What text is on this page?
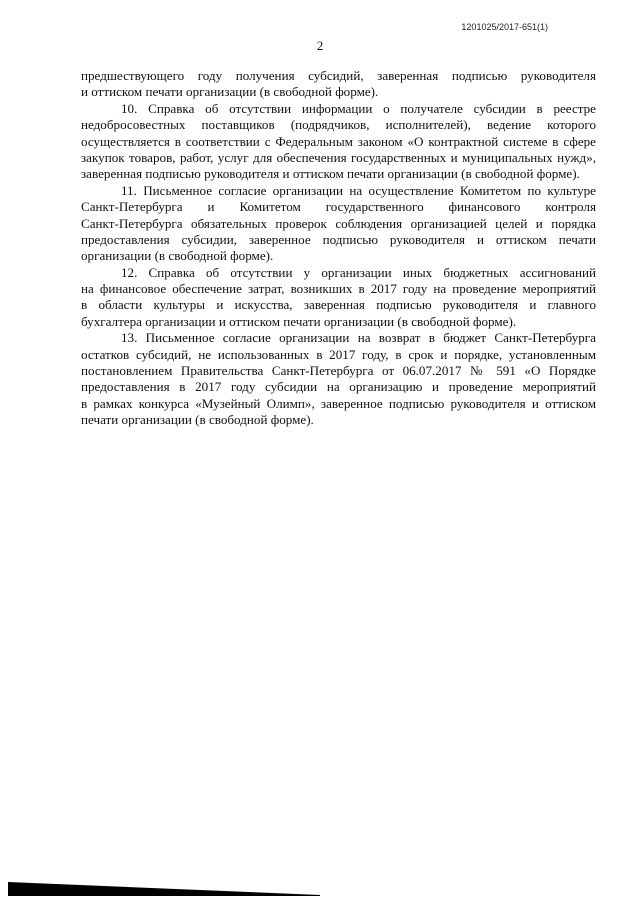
1201025/2017-651(1)
2
предшествующего году получения субсидий, заверенная подписью руководителя
и оттиском печати организации (в свободной форме).
10. Справка об отсутствии информации о получателе субсидии в реестре
недобросовестных поставщиков (подрядчиков, исполнителей), ведение которого
осуществляется в соответствии с Федеральным законом «О контрактной системе в сфере
закупок товаров, работ, услуг для обеспечения государственных и муниципальных нужд»,
заверенная подписью руководителя и оттиском печати организации (в свободной форме).
11. Письменное согласие организации на осуществление Комитетом по культуре
Санкт-Петербурга и Комитетом государственного финансового контроля
Санкт-Петербурга обязательных проверок соблюдения организацией целей и порядка
предоставления субсидии, заверенное подписью руководителя и оттиском печати
организации (в свободной форме).
12. Справка об отсутствии у организации иных бюджетных ассигнований
на финансовое обеспечение затрат, возникших в 2017 году на проведение мероприятий
в области культуры и искусства, заверенная подписью руководителя и главного
бухгалтера организации и оттиском печати организации (в свободной форме).
13. Письменное согласие организации на возврат в бюджет Санкт-Петербурга
остатков субсидий, не использованных в 2017 году, в срок и порядке, установленным
постановлением Правительства Санкт-Петербурга от 06.07.2017 № 591 «О Порядке
предоставления в 2017 году субсидии на организацию и проведение мероприятий
в рамках конкурса «Музейный Олимп», заверенное подписью руководителя и оттиском
печати организации (в свободной форме).
